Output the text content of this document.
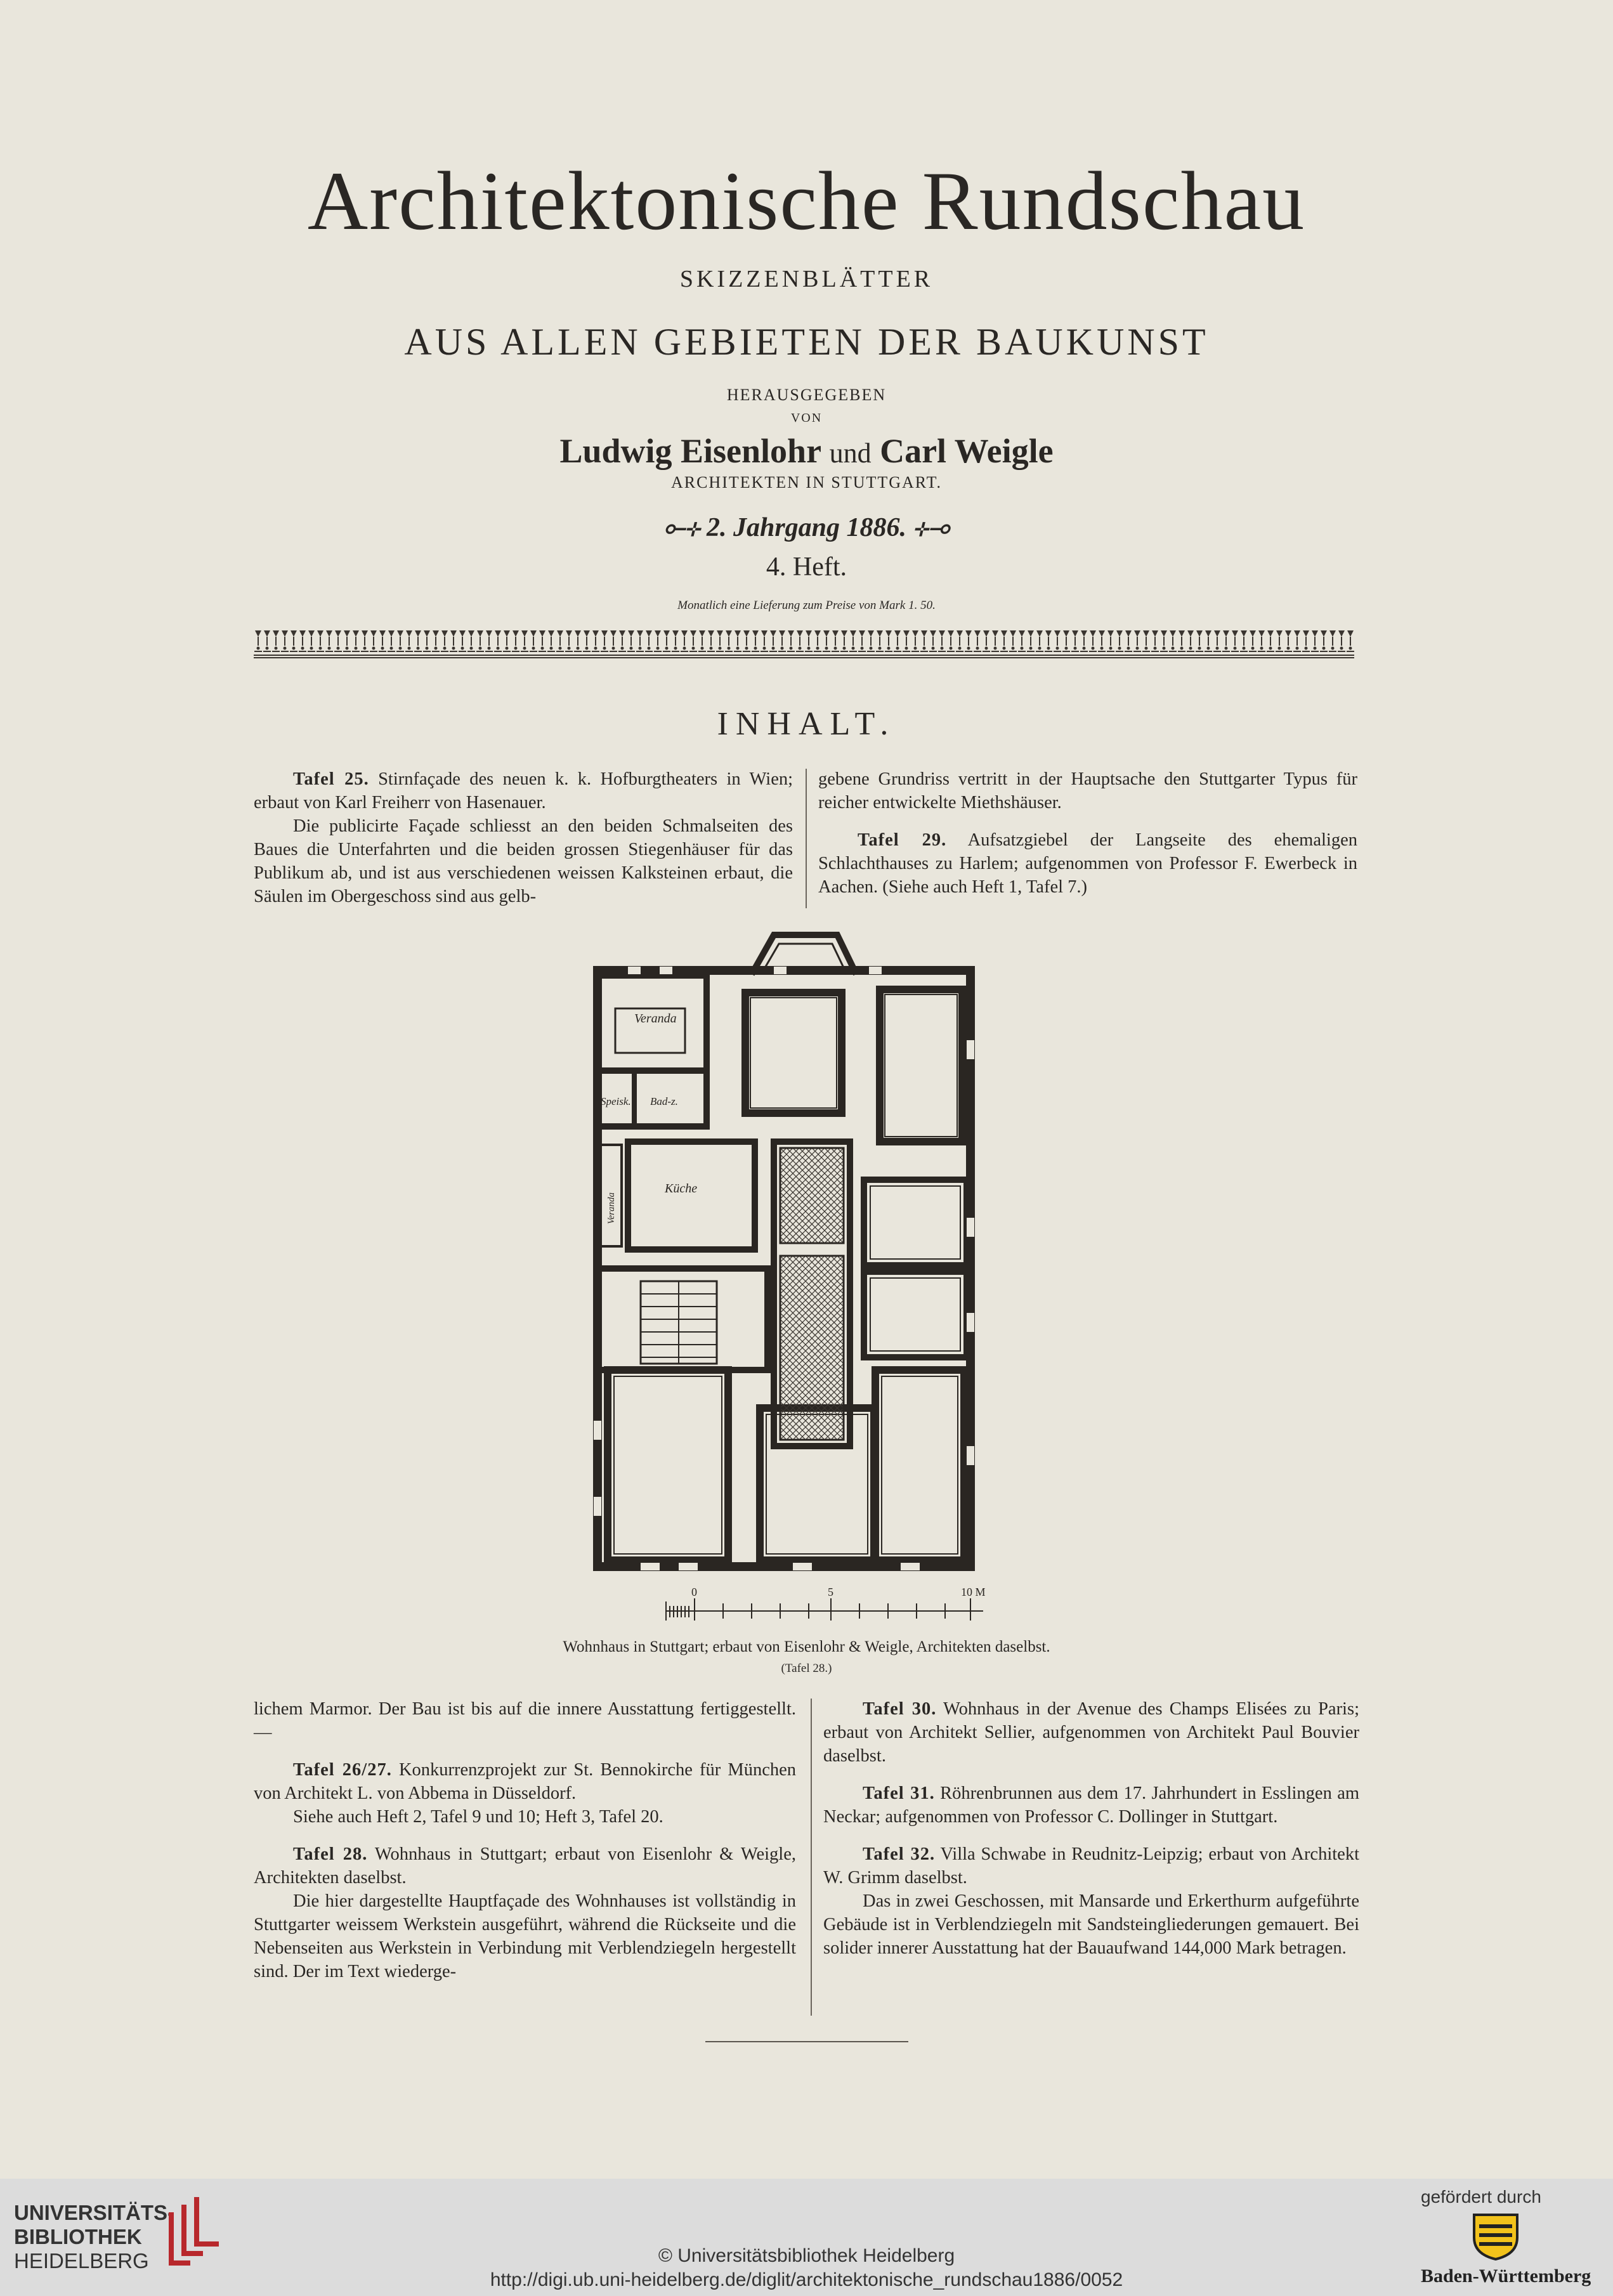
Architektonische Rundschau
SKIZZENBLÄTTER
AUS ALLEN GEBIETEN DER BAUKUNST
HERAUSGEGEBEN
VON
Ludwig Eisenlohr und Carl Weigle
ARCHITEKTEN IN STUTTGART.
⟜⊹ 2. Jahrgang 1886. ⊹⊸
4. Heft.
Monatlich eine Lieferung zum Preise von Mark 1. 50.
INHALT.

Tafel 25. Stirnfaçade des neuen k. k. Hofburgtheaters in Wien; erbaut von Karl Freiherr von Hasenauer.

Die publicirte Façade schliesst an den beiden Schmalseiten des Baues die Unterfahrten und die beiden grossen Stiegenhäuser für das Publikum ab, und ist aus verschiedenen weissen Kalksteinen erbaut, die Säulen im Obergeschoss sind aus gelb-

gebene Grundriss vertritt in der Hauptsache den Stuttgarter Typus für reicher entwickelte Miethshäuser.

Tafel 29. Aufsatzgiebel der Langseite des ehemaligen Schlachthauses zu Harlem; aufgenommen von Professor F. Ewerbeck in Aachen. (Siehe auch Heft 1, Tafel 7.)

Veranda
Speisk. Bad-z.
Küche
Veranda
0	5	10 M
Wohnhaus in Stuttgart; erbaut von Eisenlohr & Weigle, Architekten daselbst.
(Tafel 28.)

lichem Marmor. Der Bau ist bis auf die innere Ausstattung fertiggestellt. —

Tafel 26/27. Konkurrenzprojekt zur St. Bennokirche für München von Architekt L. von Abbema in Düsseldorf.

Siehe auch Heft 2, Tafel 9 und 10; Heft 3, Tafel 20.

Tafel 28. Wohnhaus in Stuttgart; erbaut von Eisenlohr & Weigle, Architekten daselbst.

Die hier dargestellte Hauptfaçade des Wohnhauses ist vollständig in Stuttgarter weissem Werkstein ausgeführt, während die Rückseite und die Nebenseiten aus Werkstein in Verbindung mit Verblendziegeln hergestellt sind. Der im Text wiederge-

Tafel 30. Wohnhaus in der Avenue des Champs Elisées zu Paris; erbaut von Architekt Sellier, aufgenommen von Architekt Paul Bouvier daselbst.

Tafel 31. Röhrenbrunnen aus dem 17. Jahrhundert in Esslingen am Neckar; aufgenommen von Professor C. Dollinger in Stuttgart.

Tafel 32. Villa Schwabe in Reudnitz-Leipzig; erbaut von Architekt W. Grimm daselbst.

Das in zwei Geschossen, mit Mansarde und Erkerthurm aufgeführte Gebäude ist in Verblendziegeln mit Sandsteingliederungen gemauert. Bei solider innerer Ausstattung hat der Bauaufwand 144,000 Mark betragen.

UNIVERSITÄTS-
BIBLIOTHEK
HEIDELBERG	© Universitätsbibliothek Heidelberg
http://digi.ub.uni-heidelberg.de/diglit/architektonische_rundschau1886/0052
gefördert durch
Baden-Württemberg
